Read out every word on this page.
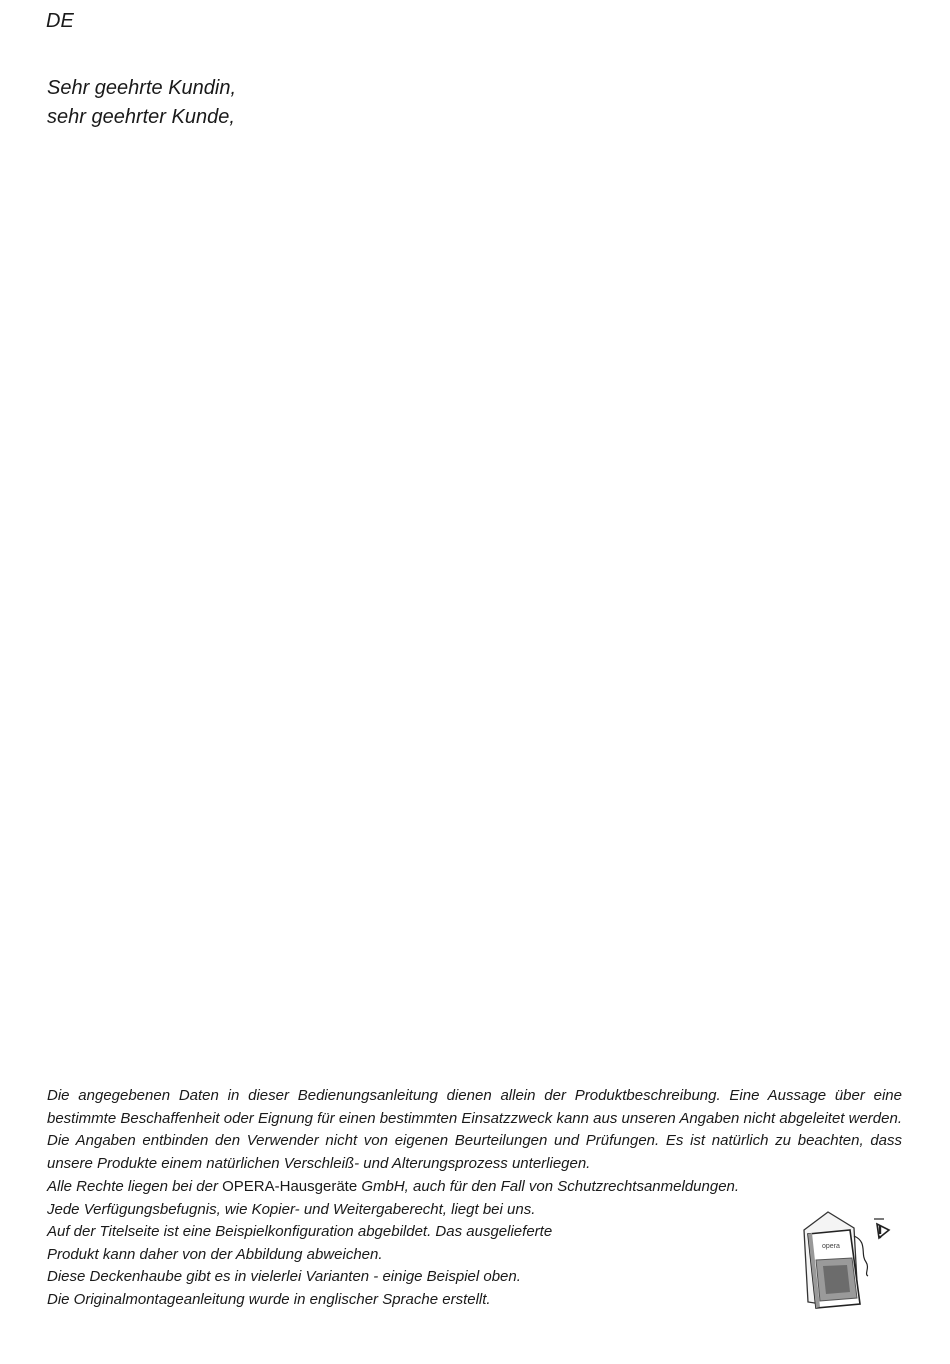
DE
Sehr geehrte Kundin,
sehr geehrter Kunde,

Die angegebenen Daten in dieser Bedienungsanleitung dienen allein der Produktbeschreibung. Eine Aussage über eine bestimmte Beschaffenheit oder Eignung für einen bestimmten Einsatzzweck kann aus unseren Angaben nicht abgeleitet werden. Die Angaben entbinden den Verwender nicht von eigenen Beurteilungen und Prüfungen. Es ist natürlich zu beachten, dass unsere Produkte einem natürlichen Verschleiß- und Alterungsprozess unterliegen.

Alle Rechte liegen bei der OPERA-Hausgeräte GmbH, auch für den Fall von Schutzrechtsanmeldungen.
Jede Verfügungsbefugnis, wie Kopier- und Weitergaberecht, liegt bei uns.
Auf der Titelseite ist eine Beispielkonfiguration abgebildet. Das ausgelieferte
Produkt kann daher von der Abbildung abweichen.
Diese Deckenhaube gibt es in vielerlei Varianten - einige Beispiel oben.
Die Originalmontageanleitung wurde in englischer Sprache erstellt.
opera
